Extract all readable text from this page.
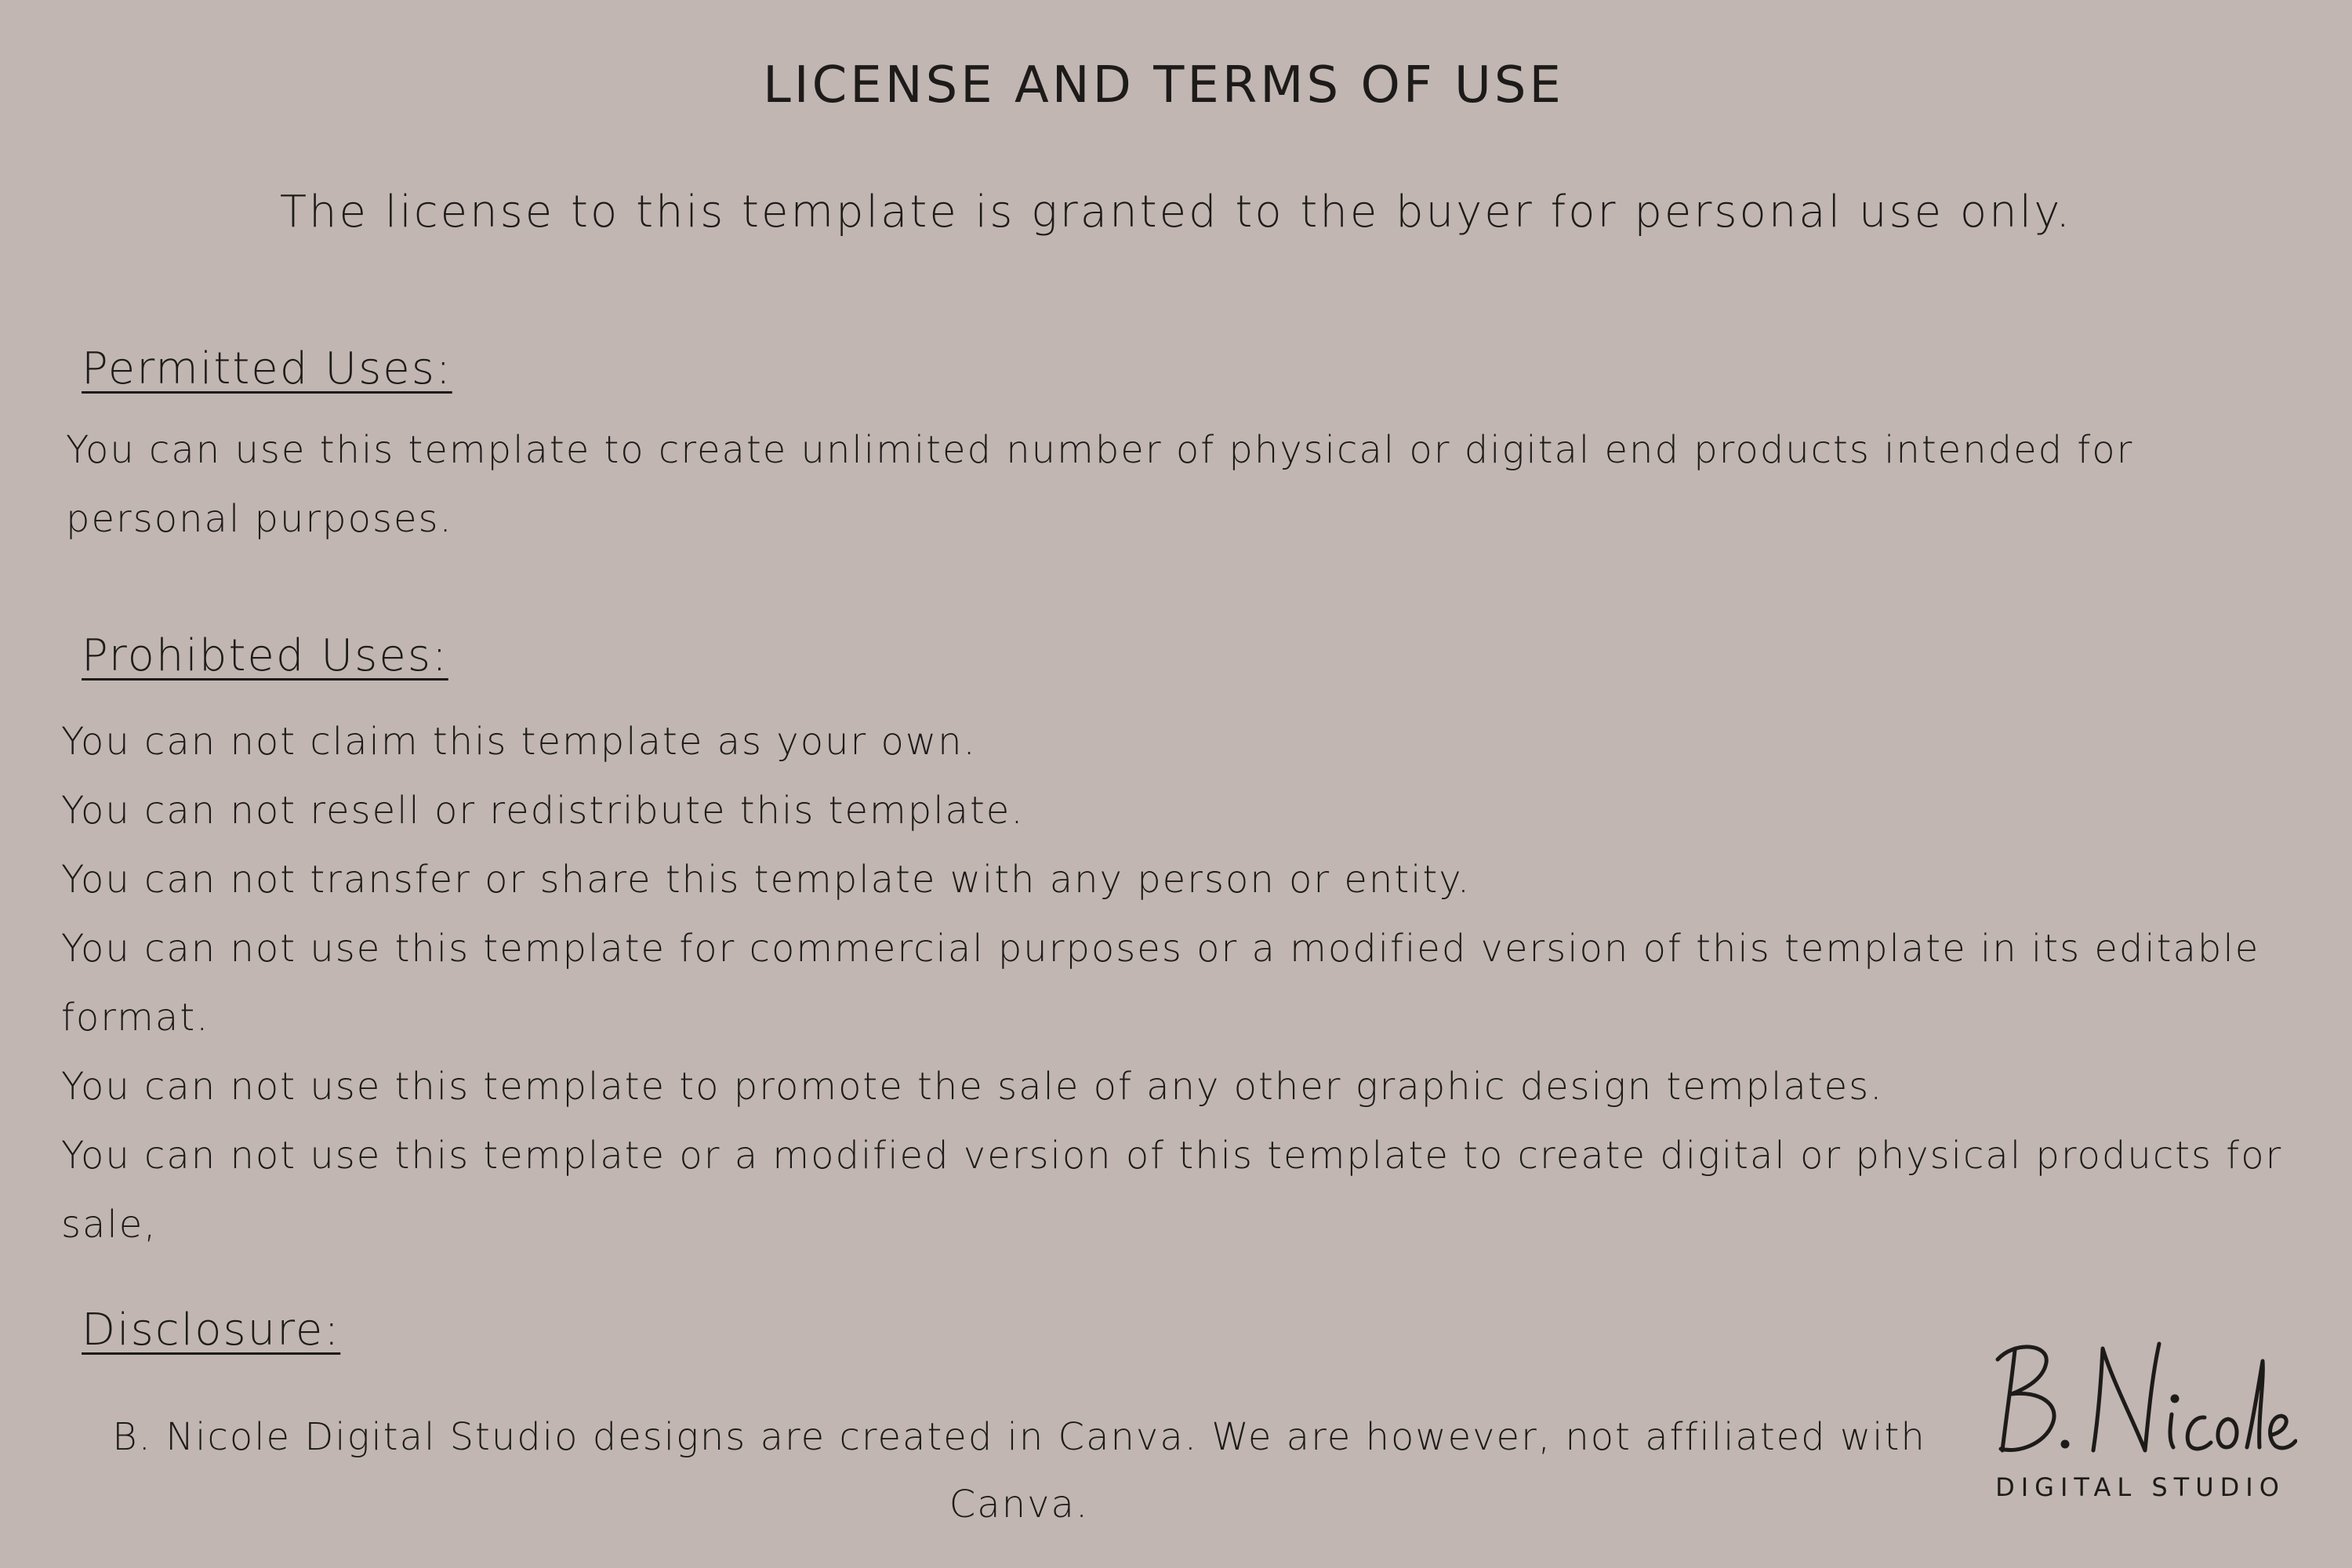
LICENSE AND TERMS OF USE
The license to this template is granted to the buyer for personal use only.
Permitted Uses:
You can use this template to create unlimited number of physical or digital end products intended for
personal purposes.
Prohibted Uses:
You can not claim this template as your own.
You can not resell or redistribute this template.
You can not transfer or share this template with any person or entity.
You can not use this template for commercial purposes or a modified version of this template in its editable
format.
You can not use this template to promote the sale of any other graphic design templates.
You can not use this template or a modified version of this template to create digital or physical products for
sale,
Disclosure:
B. Nicole Digital Studio designs are created in Canva. We are however, not affiliated with
Canva.	DIGITAL STUDIO
